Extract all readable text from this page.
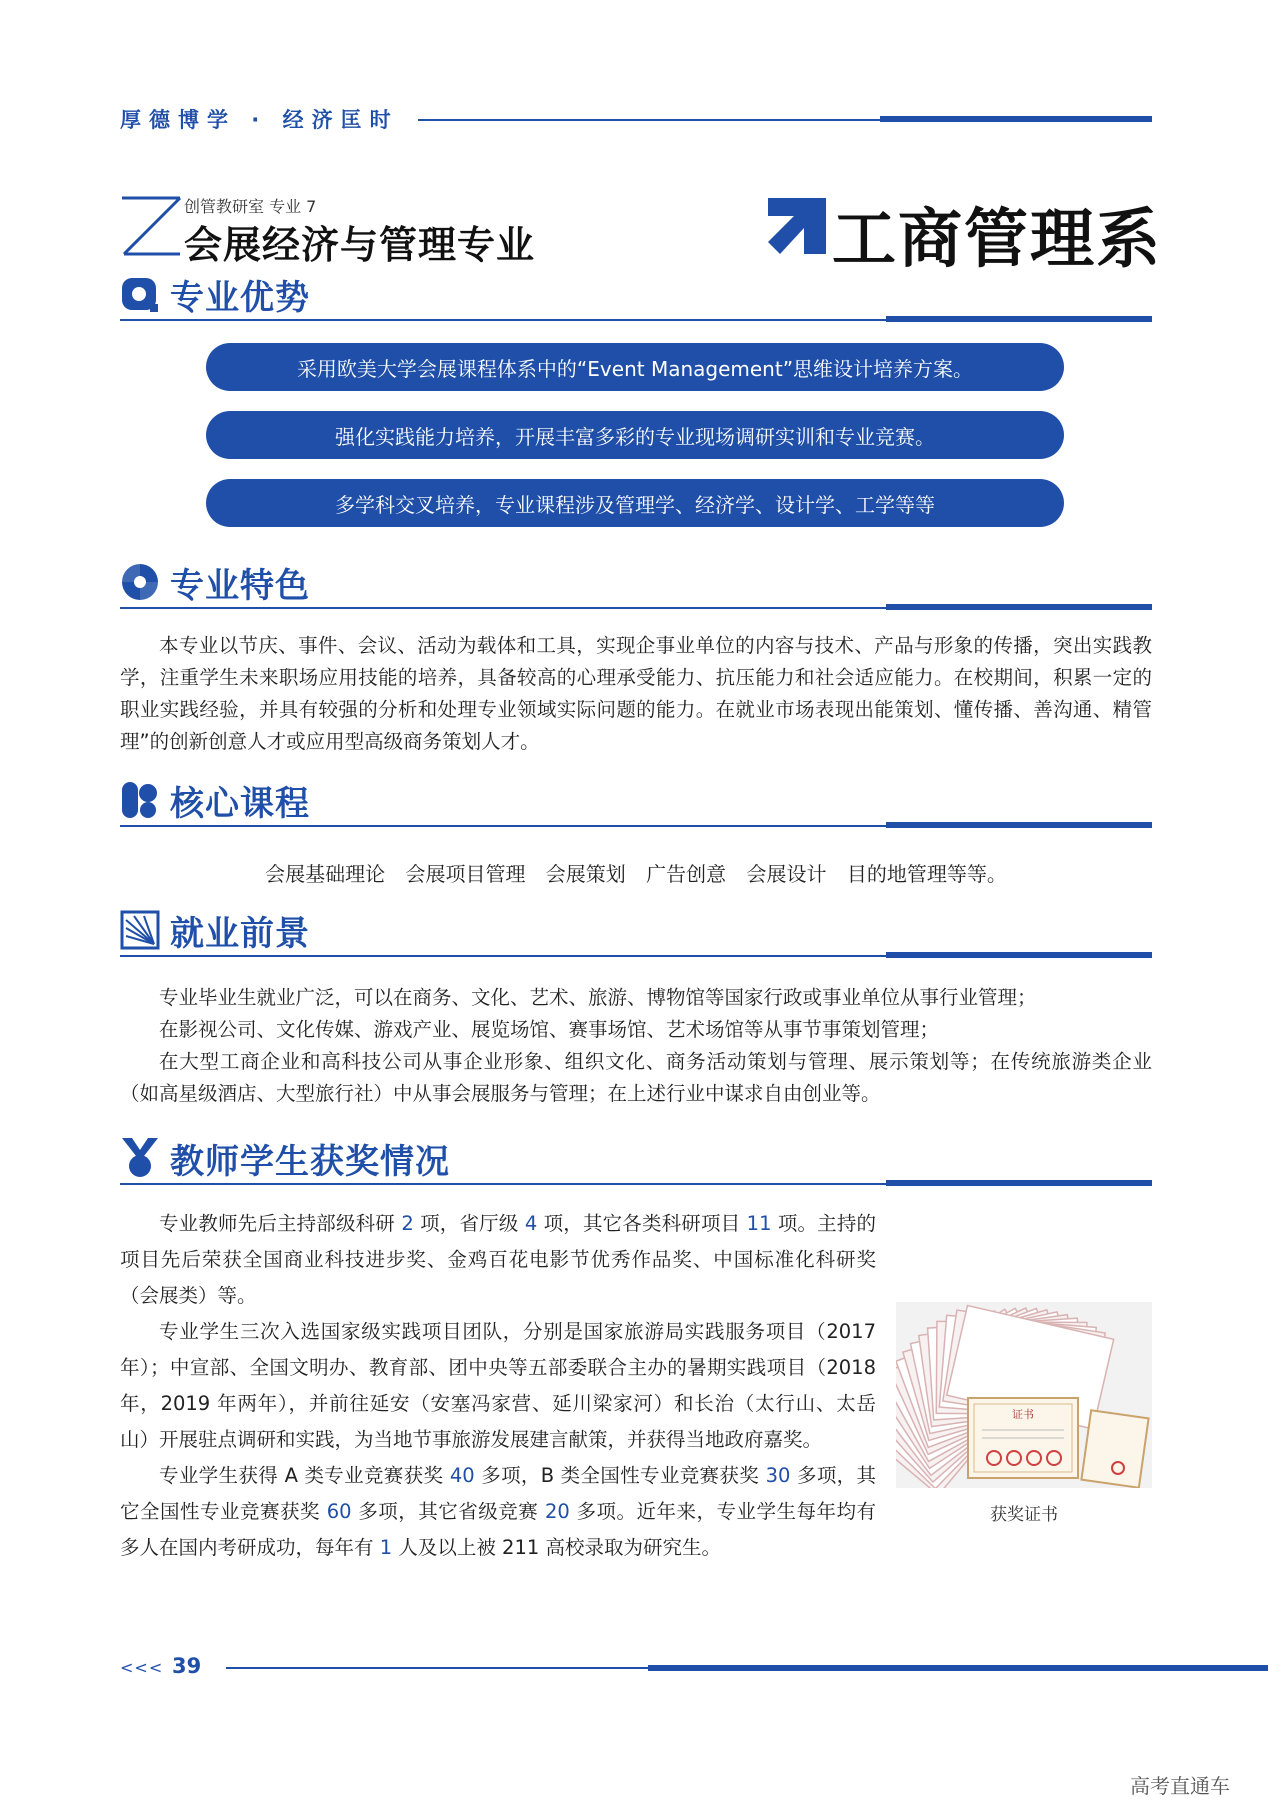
厚德博学 · 经济匡时
创管教研室 专业 7
会展经济与管理专业	工商管理系
专业优势
采用欧美大学会展课程体系中的“Event Management”思维设计培养方案。
强化实践能力培养，开展丰富多彩的专业现场调研实训和专业竞赛。
多学科交叉培养，专业课程涉及管理学、经济学、设计学、工学等等
专业特色

本专业以节庆、事件、会议、活动为载体和工具，实现企事业单位的内容与技术、产品与形象的传播，突出实践教学，注重学生未来职场应用技能的培养，具备较高的心理承受能力、抗压能力和社会适应能力。在校期间，积累一定的职业实践经验，并具有较强的分析和处理专业领域实际问题的能力。在就业市场表现出能策划、懂传播、善沟通、精管理”的创新创意人才或应用型高级商务策划人才。

核心课程
会展基础理论 会展项目管理 会展策划 广告创意 会展设计 目的地管理等等。
就业前景

专业毕业生就业广泛，可以在商务、文化、艺术、旅游、博物馆等国家行政或事业单位从事行业管理；

在影视公司、文化传媒、游戏产业、展览场馆、赛事场馆、艺术场馆等从事节事策划管理；

在大型工商企业和高科技公司从事企业形象、组织文化、商务活动策划与管理、展示策划等；在传统旅游类企业（如高星级酒店、大型旅行社）中从事会展服务与管理；在上述行业中谋求自由创业等。

教师学生获奖情况

专业教师先后主持部级科研 2 项，省厅级 4 项，其它各类科研项目 11 项。主持的项目先后荣获全国商业科技进步奖、金鸡百花电影节优秀作品奖、中国标准化科研奖（会展类）等。

专业学生三次入选国家级实践项目团队，分别是国家旅游局实践服务项目（2017 年）；中宣部、全国文明办、教育部、团中央等五部委联合主办的暑期实践项目（2018 年，2019 年两年），并前往延安（安塞冯家营、延川梁家河）和长治（太行山、太岳山）开展驻点调研和实践，为当地节事旅游发展建言献策，并获得当地政府嘉奖。

专业学生获得 A 类专业竞赛获奖 40 多项，B 类全国性专业竞赛获奖 30 多项，其它全国性专业竞赛获奖 60 多项，其它省级竞赛 20 多项。近年来，专业学生每年均有多人在国内考研成功，每年有 1 人及以上被 211 高校录取为研究生。

证书
获奖证书
<<< 39
高考直通车
